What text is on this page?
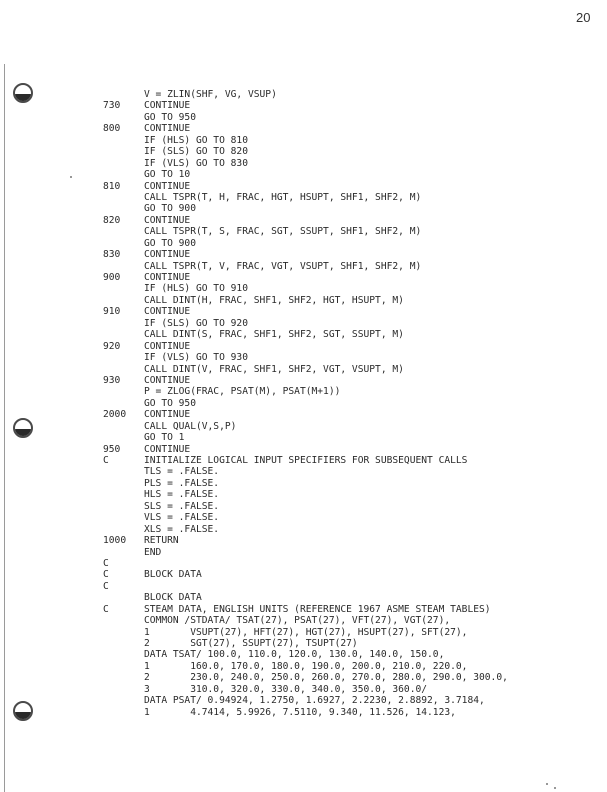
20
V = ZLIN(SHF, VG, VSUP)
730 CONTINUE
GO TO 950
800 CONTINUE
IF (HLS) GO TO 810
IF (SLS) GO TO 820
IF (VLS) GO TO 830
GO TO 10
810 CONTINUE
CALL TSPR(T, H, FRAC, HGT, HSUPT, SHF1, SHF2, M)
GO TO 900
820 CONTINUE
CALL TSPR(T, S, FRAC, SGT, SSUPT, SHF1, SHF2, M)
GO TO 900
830 CONTINUE
CALL TSPR(T, V, FRAC, VGT, VSUPT, SHF1, SHF2, M)
900 CONTINUE
IF (HLS) GO TO 910
CALL DINT(H, FRAC, SHF1, SHF2, HGT, HSUPT, M)
910 CONTINUE
IF (SLS) GO TO 920
CALL DINT(S, FRAC, SHF1, SHF2, SGT, SSUPT, M)
920 CONTINUE
IF (VLS) GO TO 930
CALL DINT(V, FRAC, SHF1, SHF2, VGT, VSUPT, M)
930 CONTINUE
P = ZLOG(FRAC, PSAT(M), PSAT(M+1))
GO TO 950
2000 CONTINUE
CALL QUAL(V,S,P)
GO TO 1
950 CONTINUE
C	INITIALIZE LOGICAL INPUT SPECIFIERS FOR SUBSEQUENT CALLS
TLS = .FALSE.
PLS = .FALSE.
HLS = .FALSE.
SLS = .FALSE.
VLS = .FALSE.
XLS = .FALSE.
1000 RETURN
END
C
C	BLOCK DATA
C
BLOCK DATA
C	STEAM DATA, ENGLISH UNITS (REFERENCE 1967 ASME STEAM TABLES)
COMMON /STDATA/ TSAT(27), PSAT(27), VFT(27), VGT(27),
1       VSUPT(27), HFT(27), HGT(27), HSUPT(27), SFT(27),
2       SGT(27), SSUPT(27), TSUPT(27)
DATA TSAT/ 100.0, 110.0, 120.0, 130.0, 140.0, 150.0,
1       160.0, 170.0, 180.0, 190.0, 200.0, 210.0, 220.0,
2       230.0, 240.0, 250.0, 260.0, 270.0, 280.0, 290.0, 300.0,
3       310.0, 320.0, 330.0, 340.0, 350.0, 360.0/
DATA PSAT/ 0.94924, 1.2750, 1.6927, 2.2230, 2.8892, 3.7184,
1       4.7414, 5.9926, 7.5110, 9.340, 11.526, 14.123,
